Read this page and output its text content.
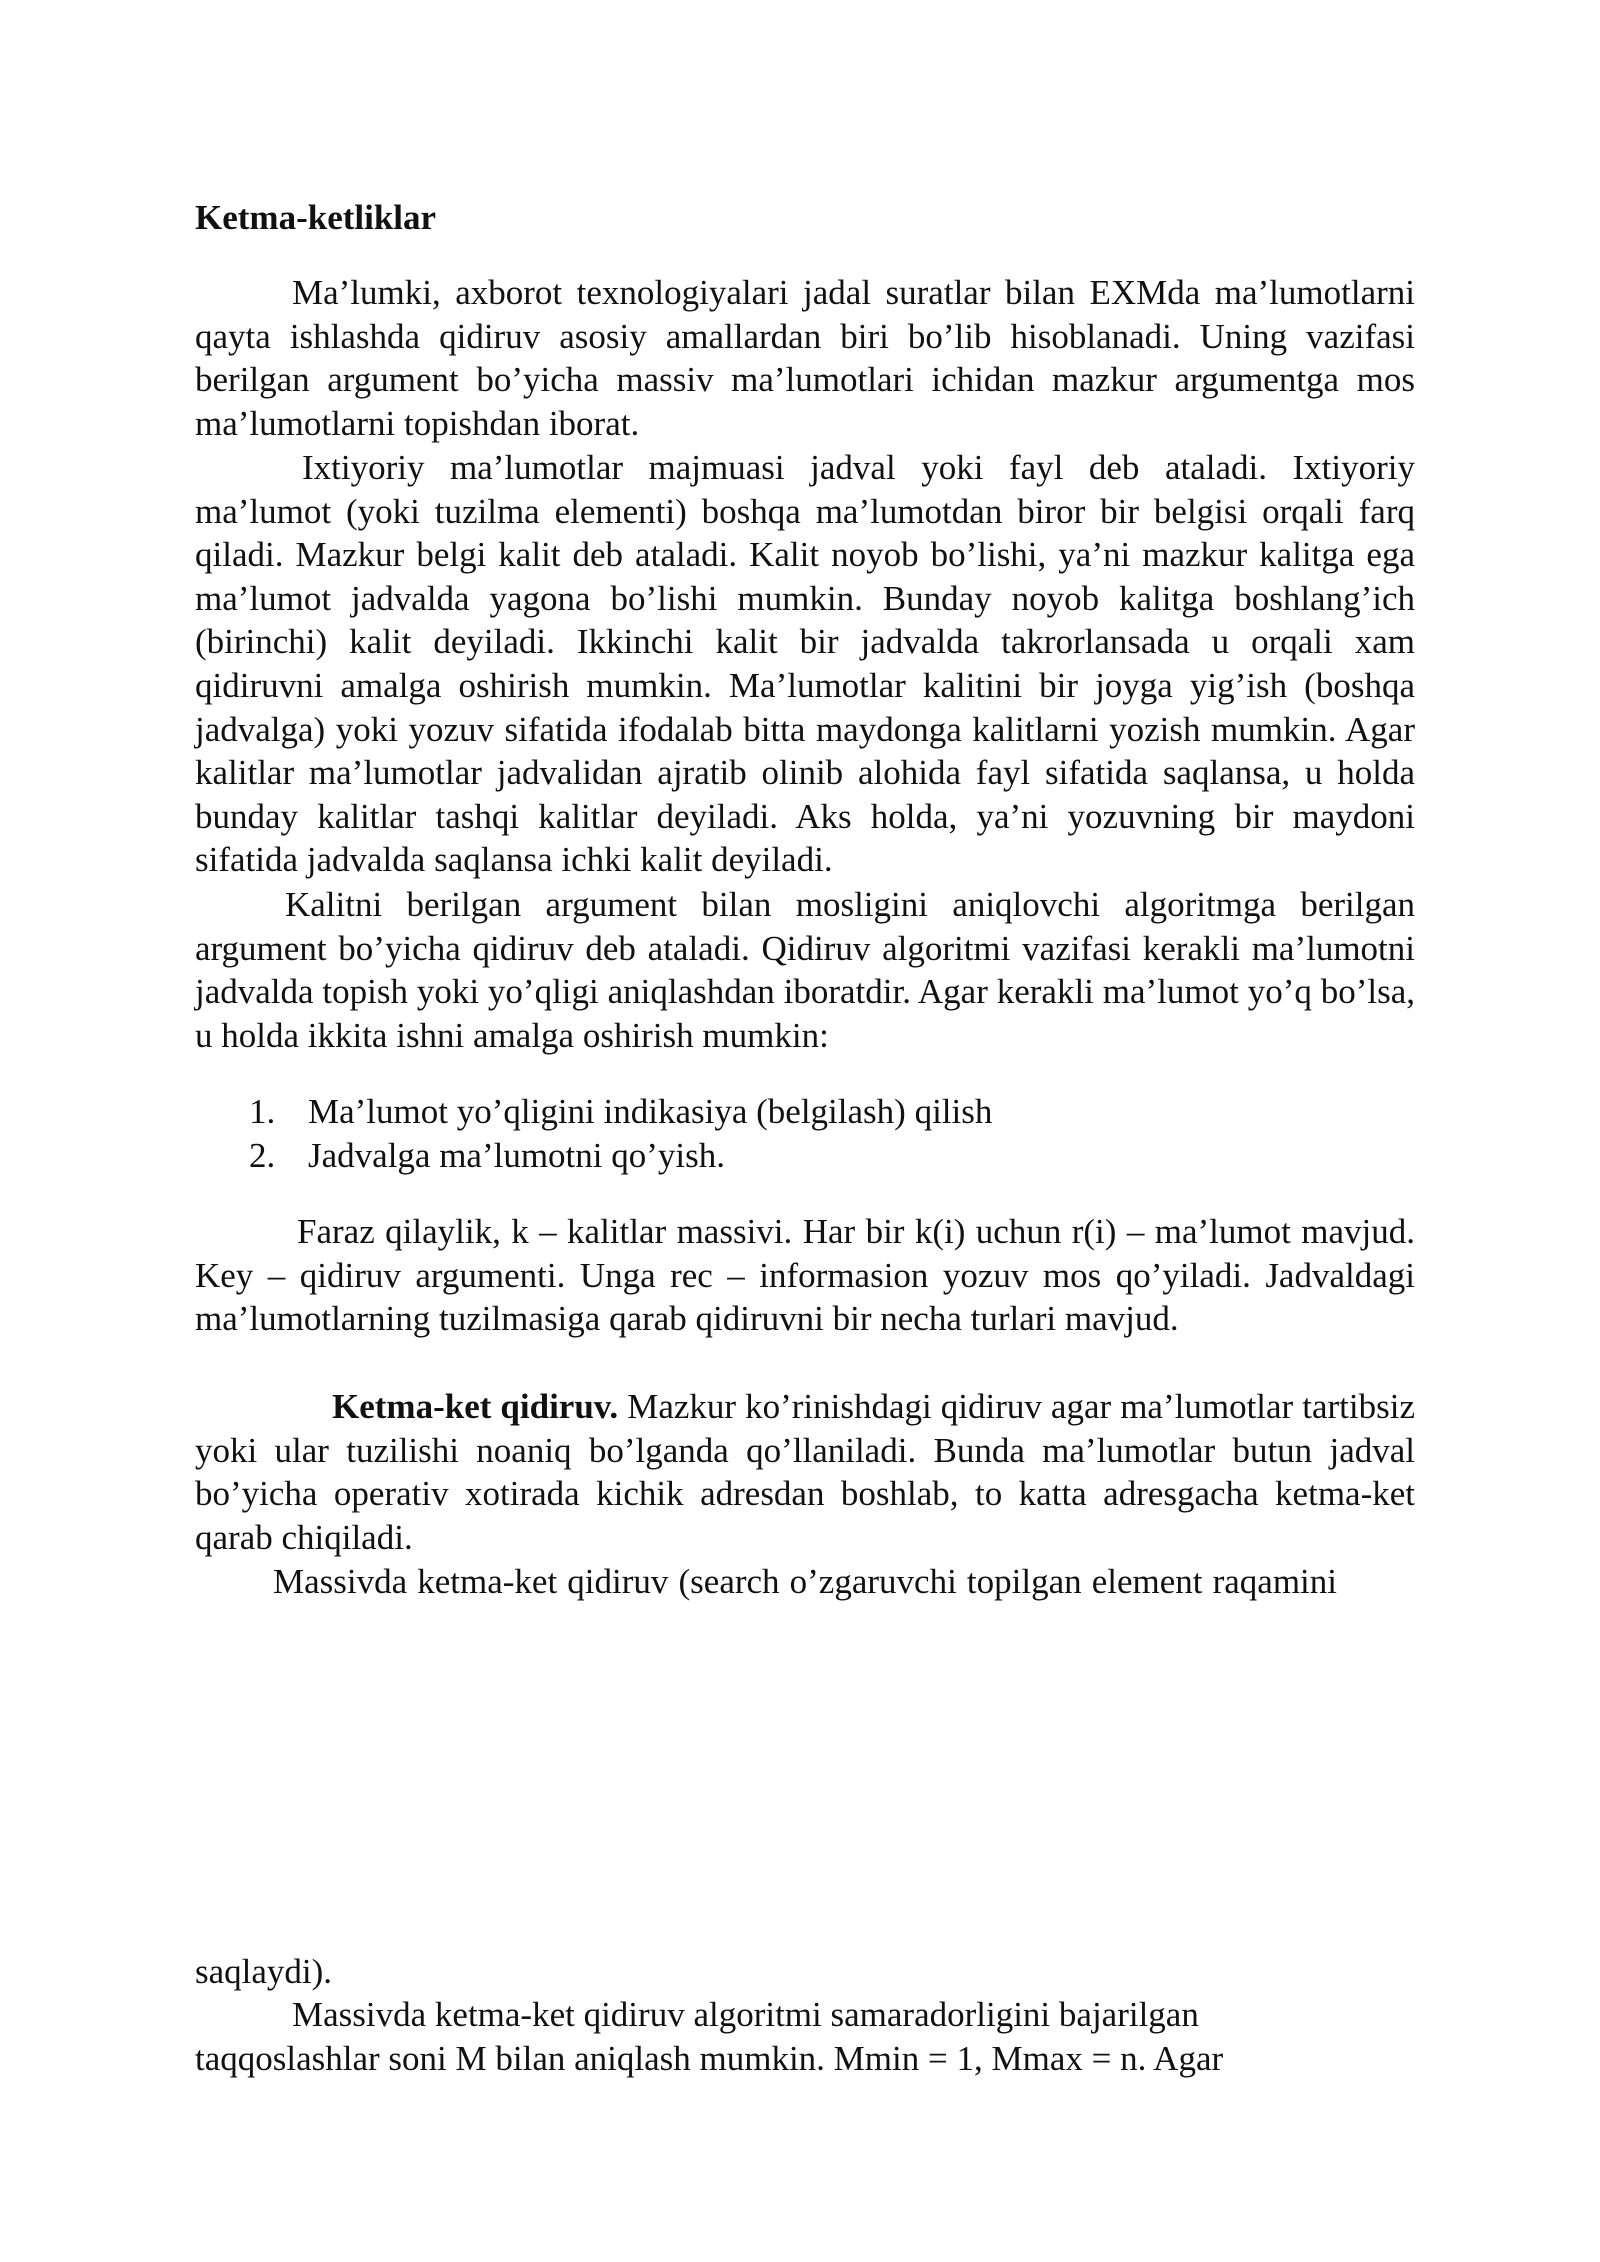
Ketma-ketliklar

Ma’lumki, axborot texnologiyalari jadal suratlar bilan EXMda ma’lumotlarni qayta ishlashda qidiruv asosiy amallardan biri bo’lib hisoblanadi. Uning vazifasi berilgan argument bo’yicha massiv ma’lumotlari ichidan mazkur argumentga mos ma’lumotlarni topishdan iborat.

Ixtiyoriy ma’lumotlar majmuasi jadval yoki fayl deb ataladi. Ixtiyoriy ma’lumot (yoki tuzilma elementi) boshqa ma’lumotdan biror bir belgisi orqali farq qiladi. Mazkur belgi kalit deb ataladi. Kalit noyob bo’lishi, ya’ni mazkur kalitga ega ma’lumot jadvalda yagona bo’lishi mumkin. Bunday noyob kalitga boshlang’ich (birinchi) kalit deyiladi. Ikkinchi kalit bir jadvalda takrorlansada u orqali xam qidiruvni amalga oshirish mumkin. Ma’lumotlar kalitini bir joyga yig’ish (boshqa jadvalga) yoki yozuv sifatida ifodalab bitta maydonga kalitlarni yozish mumkin. Agar kalitlar ma’lumotlar jadvalidan ajratib olinib alohida fayl sifatida saqlansa, u holda bunday kalitlar tashqi kalitlar deyiladi. Aks holda, ya’ni yozuvning bir maydoni sifatida jadvalda saqlansa ichki kalit deyiladi.

Kalitni berilgan argument bilan mosligini aniqlovchi algoritmga berilgan argument bo’yicha qidiruv deb ataladi. Qidiruv algoritmi vazifasi kerakli ma’lumotni jadvalda topish yoki yo’qligi aniqlashdan iboratdir. Agar kerakli ma’lumot yo’q bo’lsa, u holda ikkita ishni amalga oshirish mumkin:

1. Ma’lumot yo’qligini indikasiya (belgilash) qilish
2. Jadvalga ma’lumotni qo’yish.

Faraz qilaylik, k – kalitlar massivi. Har bir k(i) uchun r(i) – ma’lumot mavjud. Key – qidiruv argumenti. Unga rec – informasion yozuv mos qo’yiladi. Jadvaldagi ma’lumotlarning tuzilmasiga qarab qidiruvni bir necha turlari mavjud.

Ketma-ket qidiruv. Mazkur ko’rinishdagi qidiruv agar ma’lumotlar tartibsiz yoki ular tuzilishi noaniq bo’lganda qo’llaniladi. Bunda ma’lumotlar butun jadval bo’yicha operativ xotirada kichik adresdan boshlab, to katta adresgacha ketma-ket qarab chiqiladi.

Massivda ketma-ket qidiruv (search o’zgaruvchi topilgan element raqamini
saqlaydi).
Massivda ketma-ket qidiruv algoritmi samaradorligini bajarilgan
taqqoslashlar soni M bilan aniqlash mumkin. Mmin = 1, Mmax = n. Agar
